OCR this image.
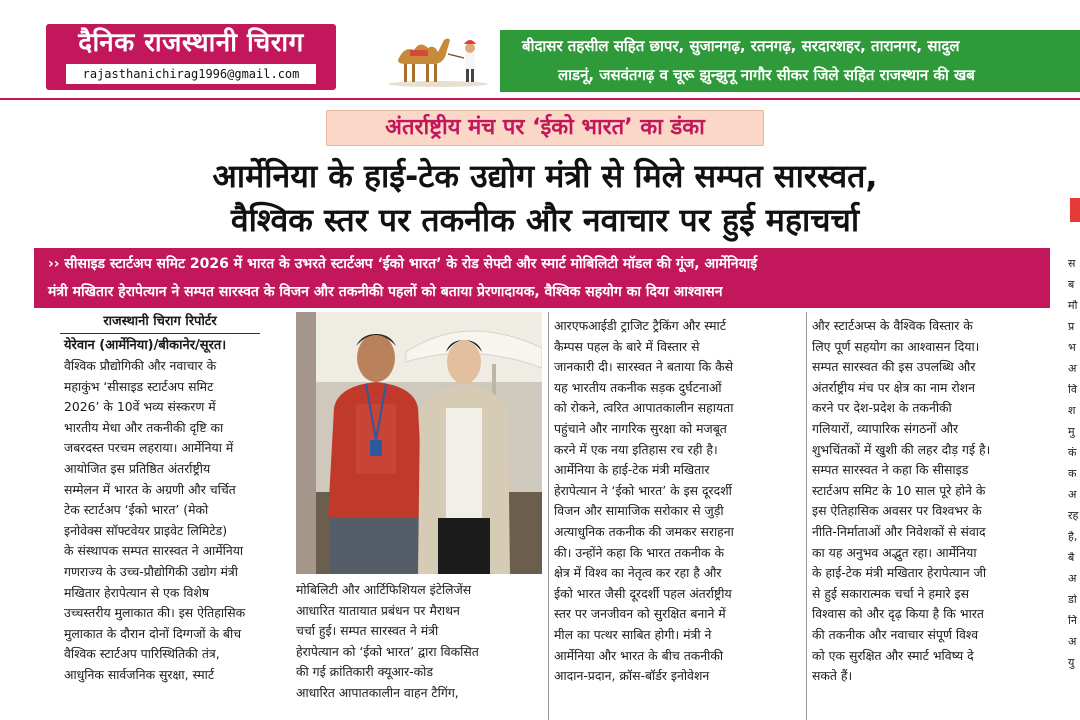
दैनिक राजस्थानी चिराग
rajasthanichirag1996@gmail.com
बीदासर तहसील सहित छापर, सुजानगढ़, रतनगढ़, सरदारशहर, तारानगर, सादुल
लाडनूं, जसवंतगढ़ व चूरू झुन्झुनू नागौर सीकर जिले सहित राजस्थान की खब
अंतर्राष्ट्रीय मंच पर ‘ईको भारत’ का डंका
आर्मेनिया के हाई-टेक उद्योग मंत्री से मिले सम्पत सारस्वत,
वैश्विक स्तर पर तकनीक और नवाचार पर हुई महाचर्चा
›› सीसाइड स्टार्टअप समिट 2026 में भारत के उभरते स्टार्टअप ‘ईको भारत’ के रोड सेफ्टी और स्मार्ट मोबिलिटी मॉडल की गूंज, आर्मेनियाई
मंत्री मखितार हेरापेत्यान ने सम्पत सारस्वत के विजन और तकनीकी पहलों को बताया प्रेरणादायक, वैश्विक सहयोग का दिया आश्वासन
स
ब
मौ
प्र
भ
अ
वि
श
मु
कं
क
अ
रह
है,
बै
अ
डो
नि
अ
यु
राजस्थानी चिराग रिपोर्टर
येरेवान (आर्मेनिया)/बीकानेर/सूरत।

वैश्विक प्रौद्योगिकी और नवाचार के

महाकुंभ ‘सीसाइड स्टार्टअप समिट

2026’ के 10वें भव्य संस्करण में

भारतीय मेधा और तकनीकी दृष्टि का

जबरदस्त परचम लहराया। आर्मेनिया में

आयोजित इस प्रतिष्ठित अंतर्राष्ट्रीय

सम्मेलन में भारत के अग्रणी और चर्चित

टेक स्टार्टअप ‘ईको भारत’ (मेको

इनोवेक्स सॉफ्टवेयर प्राइवेट लिमिटेड)

के संस्थापक सम्पत सारस्वत ने आर्मेनिया

गणराज्य के उच्च-प्रौद्योगिकी उद्योग मंत्री

मखितार हेरापेत्यान से एक विशेष

उच्चस्तरीय मुलाकात की। इस ऐतिहासिक

मुलाकात के दौरान दोनों दिग्गजों के बीच

वैश्विक स्टार्टअप पारिस्थितिकी तंत्र,

आधुनिक सार्वजनिक सुरक्षा, स्मार्ट

मोबिलिटी और आर्टिफिशियल इंटेलिजेंस

आधारित यातायात प्रबंधन पर मैराथन

चर्चा हुई। सम्पत सारस्वत ने मंत्री

हेरापेत्यान को ‘ईको भारत’ द्वारा विकसित

की गई क्रांतिकारी क्यूआर-कोड

आधारित आपातकालीन वाहन टैगिंग,

आरएफआईडी ट्राजिट ट्रैकिंग और स्मार्ट

कैम्पस पहल के बारे में विस्तार से

जानकारी दी। सारस्वत ने बताया कि कैसे

यह भारतीय तकनीक सड़क दुर्घटनाओं

को रोकने, त्वरित आपातकालीन सहायता

पहुंचाने और नागरिक सुरक्षा को मजबूत

करने में एक नया इतिहास रच रही है।

आर्मेनिया के हाई-टेक मंत्री मखितार

हेरापेत्यान ने ‘ईको भारत’ के इस दूरदर्शी

विजन और सामाजिक सरोकार से जुड़ी

अत्याधुनिक तकनीक की जमकर सराहना

की। उन्होंने कहा कि भारत तकनीक के

क्षेत्र में विश्व का नेतृत्व कर रहा है और

ईको भारत जैसी दूरदर्शी पहल अंतर्राष्ट्रीय

स्तर पर जनजीवन को सुरक्षित बनाने में

मील का पत्थर साबित होगी। मंत्री ने

आर्मेनिया और भारत के बीच तकनीकी

आदान-प्रदान, क्रॉस-बॉर्डर इनोवेशन

और स्टार्टअप्स के वैश्विक विस्तार के

लिए पूर्ण सहयोग का आश्वासन दिया।

सम्पत सारस्वत की इस उपलब्धि और

अंतर्राष्ट्रीय मंच पर क्षेत्र का नाम रोशन

करने पर देश-प्रदेश के तकनीकी

गलियारों, व्यापारिक संगठनों और

शुभचिंतकों में खुशी की लहर दौड़ गई है।

सम्पत सारस्वत ने कहा कि सीसाइड

स्टार्टअप समिट के 10 साल पूरे होने के

इस ऐतिहासिक अवसर पर विश्वभर के

नीति-निर्माताओं और निवेशकों से संवाद

का यह अनुभव अद्भुत रहा। आर्मेनिया

के हाई-टेक मंत्री मखितार हेरापेत्यान जी

से हुई सकारात्मक चर्चा ने हमारे इस

विश्वास को और दृढ़ किया है कि भारत

की तकनीक और नवाचार संपूर्ण विश्व

को एक सुरक्षित और स्मार्ट भविष्य दे

सकते हैं।
